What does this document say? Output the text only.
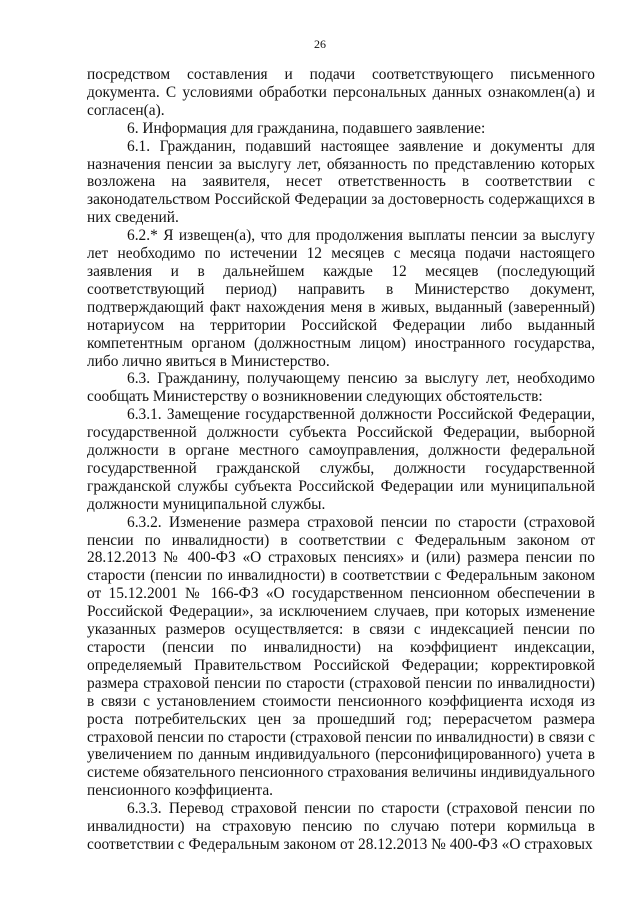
26

посредством составления и подачи соответствующего письменного документа. С условиями обработки персональных данных ознакомлен(а) и согласен(а).

6. Информация для гражданина, подавшего заявление:

6.1. Гражданин, подавший настоящее заявление и документы для назначения пенсии за выслугу лет, обязанность по представлению которых возложена на заявителя, несет ответственность в соответствии с законодательством Российской Федерации за достоверность содержащихся в них сведений.

6.2.* Я извещен(а), что для продолжения выплаты пенсии за выслугу лет необходимо по истечении 12 месяцев с месяца подачи настоящего заявления и в дальнейшем каждые 12 месяцев (последующий соответствующий период) направить в Министерство документ, подтверждающий факт нахождения меня в живых, выданный (заверенный) нотариусом на территории Российской Федерации либо выданный компетентным органом (должностным лицом) иностранного государства, либо лично явиться в Министерство.

6.3. Гражданину, получающему пенсию за выслугу лет, необходимо сообщать Министерству о возникновении следующих обстоятельств:

6.3.1. Замещение государственной должности Российской Федерации, государственной должности субъекта Российской Федерации, выборной должности в органе местного самоуправления, должности федеральной государственной гражданской службы, должности государственной гражданской службы субъекта Российской Федерации или муниципальной должности муниципальной службы.

6.3.2. Изменение размера страховой пенсии по старости (страховой пенсии по инвалидности) в соответствии с Федеральным законом от 28.12.2013 № 400-ФЗ «О страховых пенсиях» и (или) размера пенсии по старости (пенсии по инвалидности) в соответствии с Федеральным законом от 15.12.2001 № 166-ФЗ «О государственном пенсионном обеспечении в Российской Федерации», за исключением случаев, при которых изменение указанных размеров осуществляется: в связи с индексацией пенсии по старости (пенсии по инвалидности) на коэффициент индексации, определяемый Правительством Российской Федерации; корректировкой размера страховой пенсии по старости (страховой пенсии по инвалидности) в связи с установлением стоимости пенсионного коэффициента исходя из роста потребительских цен за прошедший год; перерасчетом размера страховой пенсии по старости (страховой пенсии по инвалидности) в связи с увеличением по данным индивидуального (персонифицированного) учета в системе обязательного пенсионного страхования величины индивидуального пенсионного коэффициента.

6.3.3. Перевод страховой пенсии по старости (страховой пенсии по инвалидности) на страховую пенсию по случаю потери кормильца в соответствии с Федеральным законом от 28.12.2013 № 400-ФЗ «О страховых
